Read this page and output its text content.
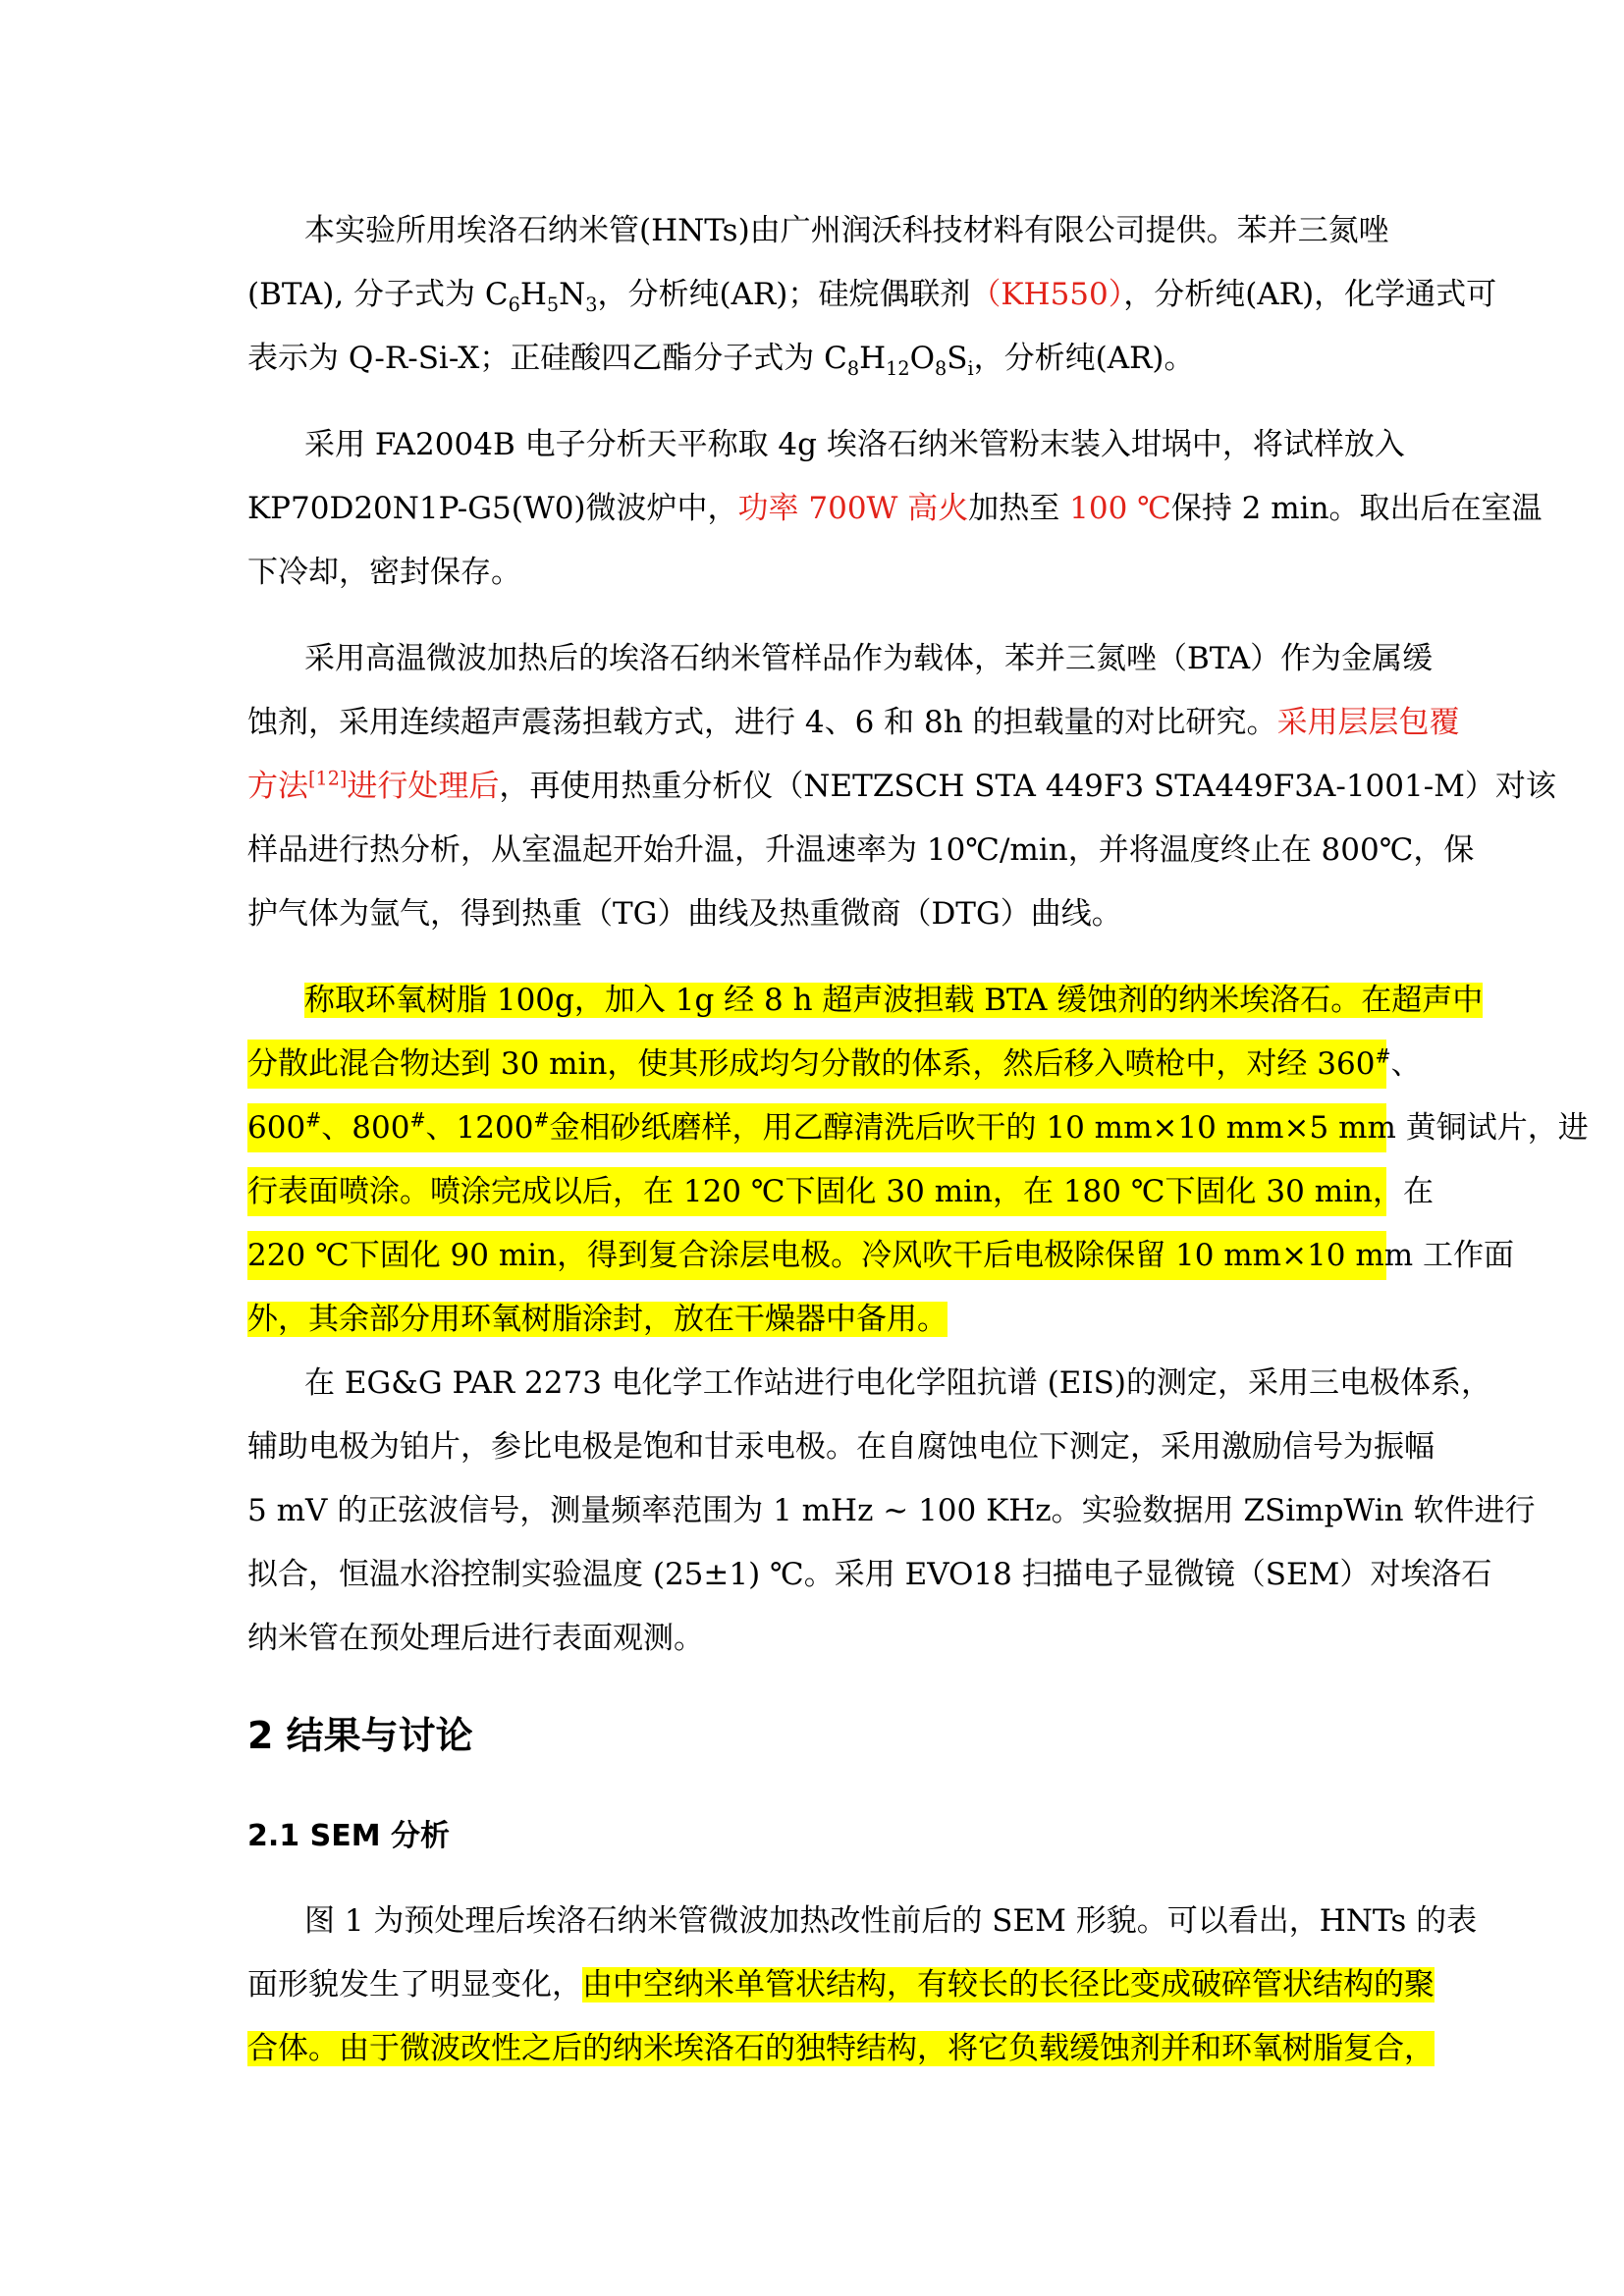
本实验所用埃洛石纳米管(HNTs)由广州润沃科技材料有限公司提供。苯并三氮唑
(BTA), 分子式为 $C_6H_5N_3$，分析纯(AR)；硅烷偶联剂（KH550），分析纯(AR)，化学通式可
表示为 Q-R-Si-X；正硅酸四乙酯分子式为 $C_8H_{12}O_8S_i$，分析纯(AR)。
采用 FA2004B 电子分析天平称取 4g 埃洛石纳米管粉末装入坩埚中，将试样放入
KP70D20N1P-G5(W0)微波炉中，功率 700W 高火加热至 100 ℃保持 2 min。取出后在室温
下冷却，密封保存。
采用高温微波加热后的埃洛石纳米管样品作为载体，苯并三氮唑（BTA）作为金属缓
蚀剂，采用连续超声震荡担载方式，进行 4、6 和 8h 的担载量的对比研究。采用层层包覆
方法[12]进行处理后，再使用热重分析仪（NETZSCH STA 449F3 STA449F3A-1001-M）对该
样品进行热分析，从室温起开始升温，升温速率为 10℃/min，并将温度终止在 800℃，保
护气体为氩气，得到热重（TG）曲线及热重微商（DTG）曲线。
称取环氧树脂 100g，加入 1g 经 8 h 超声波担载 BTA 缓蚀剂的纳米埃洛石。在超声中
分散此混合物达到 30 min，使其形成均匀分散的体系，然后移入喷枪中，对经 360#、
600#、800#、1200#金相砂纸磨样，用乙醇清洗后吹干的 10 mm×10 mm×5 mm 黄铜试片，进
行表面喷涂。喷涂完成以后，在 120 ℃下固化 30 min，在 180 ℃下固化 30 min，在
220 ℃下固化 90 min，得到复合涂层电极。冷风吹干后电极除保留 10 mm×10 mm 工作面
外，其余部分用环氧树脂涂封，放在干燥器中备用。
在 EG&G PAR 2273 电化学工作站进行电化学阻抗谱 (EIS)的测定，采用三电极体系，
辅助电极为铂片，参比电极是饱和甘汞电极。在自腐蚀电位下测定，采用激励信号为振幅
5 mV 的正弦波信号，测量频率范围为 1 mHz ~ 100 KHz。实验数据用 ZSimpWin 软件进行
拟合，恒温水浴控制实验温度 (25±1) ℃。采用 EVO18 扫描电子显微镜（SEM）对埃洛石
纳米管在预处理后进行表面观测。
2 结果与讨论
2.1 SEM 分析
图 1 为预处理后埃洛石纳米管微波加热改性前后的 SEM 形貌。可以看出，HNTs 的表
面形貌发生了明显变化，由中空纳米单管状结构，有较长的长径比变成破碎管状结构的聚
合体。由于微波改性之后的纳米埃洛石的独特结构，将它负载缓蚀剂并和环氧树脂复合，
